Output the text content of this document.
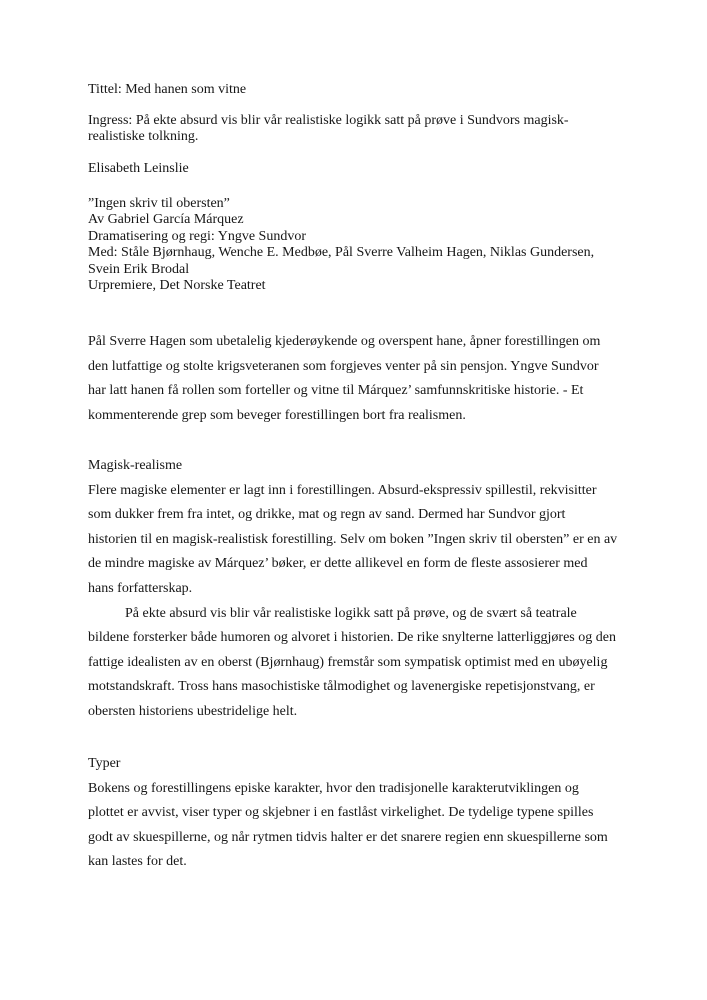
Tittel: Med hanen som vitne
Ingress: På ekte absurd vis blir vår realistiske logikk satt på prøve i Sundvors magisk-
realistiske tolkning.
Elisabeth Leinslie
”Ingen skriv til obersten”
Av Gabriel García Márquez
Dramatisering og regi: Yngve Sundvor
Med: Ståle Bjørnhaug, Wenche E. Medbøe, Pål Sverre Valheim Hagen, Niklas Gundersen,
Svein Erik Brodal
Urpremiere, Det Norske Teatret
Pål Sverre Hagen som ubetalelig kjederøykende og overspent hane, åpner forestillingen om
den lutfattige og stolte krigsveteranen som forgjeves venter på sin pensjon. Yngve Sundvor
har latt hanen få rollen som forteller og vitne til Márquez’ samfunnskritiske historie. - Et
kommenterende grep som beveger forestillingen bort fra realismen.
Magisk-realisme
Flere magiske elementer er lagt inn i forestillingen. Absurd-ekspressiv spillestil, rekvisitter
som dukker frem fra intet, og drikke, mat og regn av sand. Dermed har Sundvor gjort
historien til en magisk-realistisk forestilling. Selv om boken ”Ingen skriv til obersten” er en av
de mindre magiske av Márquez’ bøker, er dette allikevel en form de fleste assosierer med
hans forfatterskap.
På ekte absurd vis blir vår realistiske logikk satt på prøve, og de svært så teatrale
bildene forsterker både humoren og alvoret i historien. De rike snylterne latterliggjøres og den
fattige idealisten av en oberst (Bjørnhaug) fremstår som sympatisk optimist med en ubøyelig
motstandskraft. Tross hans masochistiske tålmodighet og lavenergiske repetisjonstvang, er
obersten historiens ubestridelige helt.
Typer
Bokens og forestillingens episke karakter, hvor den tradisjonelle karakterutviklingen og
plottet er avvist, viser typer og skjebner i en fastlåst virkelighet. De tydelige typene spilles
godt av skuespillerne, og når rytmen tidvis halter er det snarere regien enn skuespillerne som
kan lastes for det.
